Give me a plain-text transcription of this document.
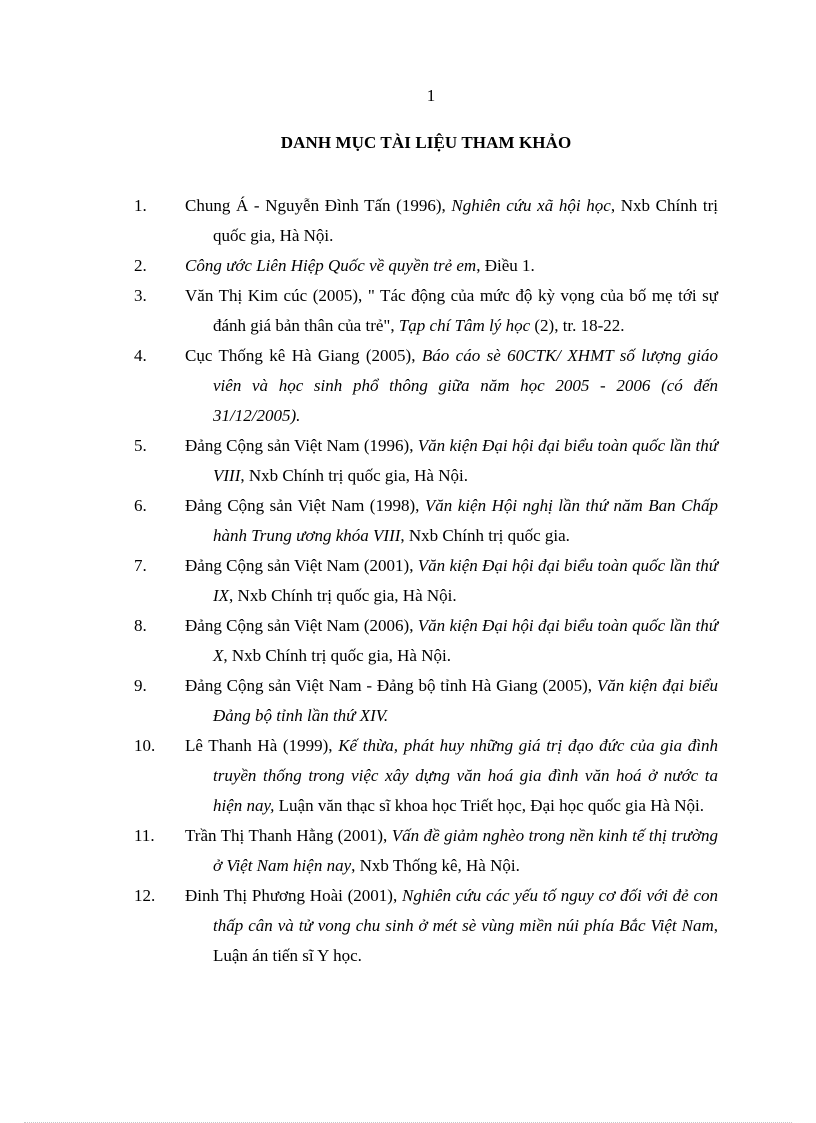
1
DANH MỤC TÀI LIỆU THAM KHẢO
1.	Chung Á - Nguyễn Đình Tấn (1996), Nghiên cứu xã hội học, Nxb Chính trị quốc gia, Hà Nội.
2.	Công ước Liên Hiệp Quốc về quyền trẻ em, Điều 1.
3.	Văn Thị Kim cúc (2005), " Tác động của mức độ kỳ vọng của bố mẹ tới sự đánh giá bản thân của trẻ", Tạp chí Tâm lý học (2), tr. 18-22.
4.	Cục Thống kê Hà Giang (2005), Báo cáo sè 60CTK/ XHMT số lượng giáo viên và học sinh phổ thông giữa năm học 2005 - 2006 (có đến 31/12/2005).
5.	Đảng Cộng sản Việt Nam (1996), Văn kiện Đại hội đại biểu toàn quốc lần thứ VIII, Nxb Chính trị quốc gia, Hà Nội.
6.	Đảng Cộng sản Việt Nam (1998), Văn kiện Hội nghị lần thứ năm Ban Chấp hành Trung ương khóa VIII, Nxb Chính trị quốc gia.
7.	Đảng Cộng sản Việt Nam (2001), Văn kiện Đại hội đại biểu toàn quốc lần thứ IX, Nxb Chính trị quốc gia, Hà Nội.
8.	Đảng Cộng sản Việt Nam (2006), Văn kiện Đại hội đại biểu toàn quốc lần thứ X, Nxb Chính trị quốc gia, Hà Nội.
9.	Đảng Cộng sản Việt Nam - Đảng bộ tỉnh Hà Giang (2005), Văn kiện đại biểu Đảng bộ tỉnh lần thứ XIV.
10.	Lê Thanh Hà (1999), Kế thừa, phát huy những giá trị đạo đức của gia đình truyền thống trong việc xây dựng văn hoá gia đình văn hoá ở nước ta hiện nay, Luận văn thạc sĩ khoa học Triết học, Đại học quốc gia Hà Nội.
11.	Trần Thị Thanh Hằng (2001), Vấn đề giảm nghèo trong nền kinh tế thị trường ở Việt Nam hiện nay, Nxb Thống kê, Hà Nội.
12.	Đinh Thị Phương Hoài (2001), Nghiên cứu các yếu tố nguy cơ đối với đẻ con thấp cân và tử vong chu sinh ở mét sè vùng miền núi phía Bắc Việt Nam, Luận án tiến sĩ Y học.
